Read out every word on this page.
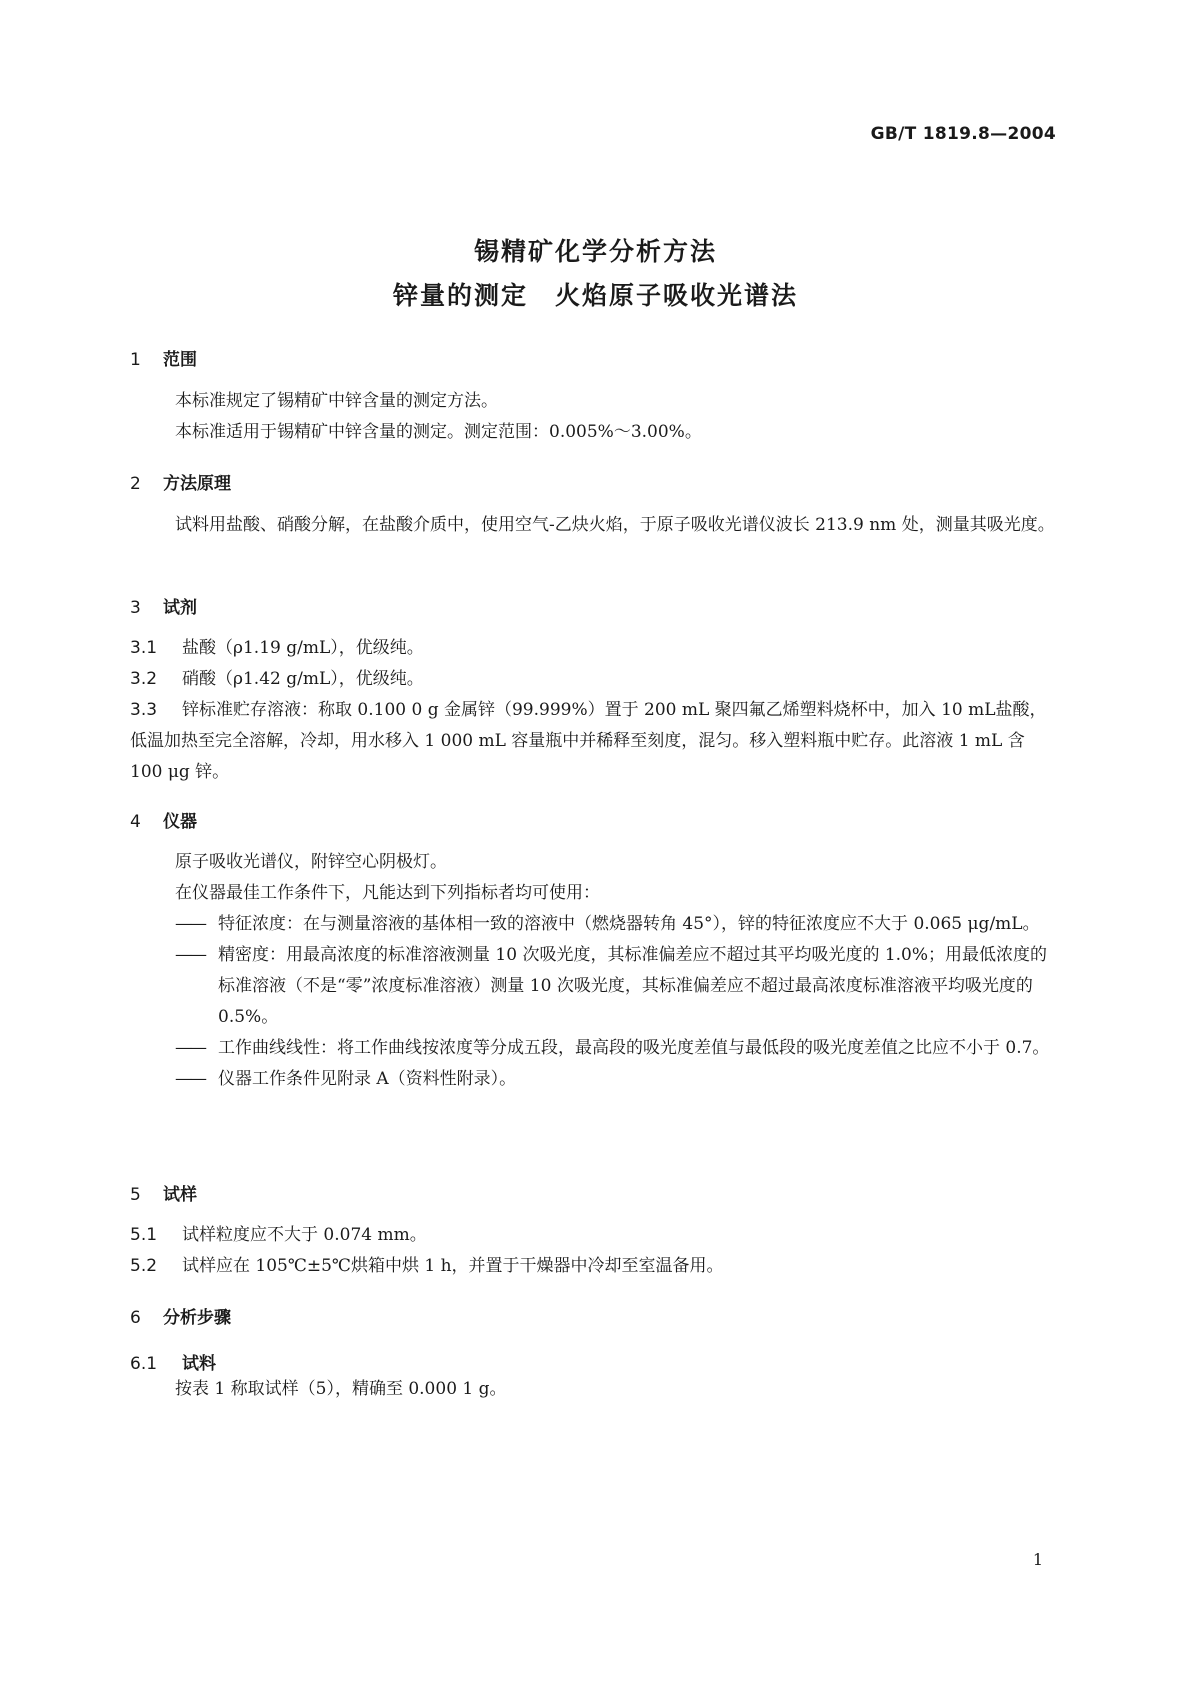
GB/T 1819.8—2004
锡精矿化学分析方法
锌量的测定　火焰原子吸收光谱法
1 范围

本标准规定了锡精矿中锌含量的测定方法。

本标准适用于锡精矿中锌含量的测定。测定范围：0.005%～3.00%。

2 方法原理

试料用盐酸、硝酸分解，在盐酸介质中，使用空气-乙炔火焰，于原子吸收光谱仪波长 213.9 nm 处，测量其吸光度。

3 试剂

3.1 盐酸（ρ1.19 g/mL），优级纯。

3.2 硝酸（ρ1.42 g/mL），优级纯。

3.3 锌标准贮存溶液：称取 0.100 0 g 金属锌（99.999%）置于 200 mL 聚四氟乙烯塑料烧杯中，加入 10 mL盐酸，低温加热至完全溶解，冷却，用水移入 1 000 mL 容量瓶中并稀释至刻度，混匀。移入塑料瓶中贮存。此溶液 1 mL 含 100 μg 锌。

4 仪器

原子吸收光谱仪，附锌空心阴极灯。

在仪器最佳工作条件下，凡能达到下列指标者均可使用：

—— 特征浓度：在与测量溶液的基体相一致的溶液中（燃烧器转角 45°），锌的特征浓度应不大于 0.065 μg/mL。

—— 精密度：用最高浓度的标准溶液测量 10 次吸光度，其标准偏差应不超过其平均吸光度的 1.0%；用最低浓度的标准溶液（不是“零”浓度标准溶液）测量 10 次吸光度，其标准偏差应不超过最高浓度标准溶液平均吸光度的 0.5%。

—— 工作曲线线性：将工作曲线按浓度等分成五段，最高段的吸光度差值与最低段的吸光度差值之比应不小于 0.7。

—— 仪器工作条件见附录 A（资料性附录）。

5 试样

5.1 试样粒度应不大于 0.074 mm。

5.2 试样应在 105℃±5℃烘箱中烘 1 h，并置于干燥器中冷却至室温备用。

6 分析步骤
6.1 试料

按表 1 称取试样（5），精确至 0.000 1 g。

1
